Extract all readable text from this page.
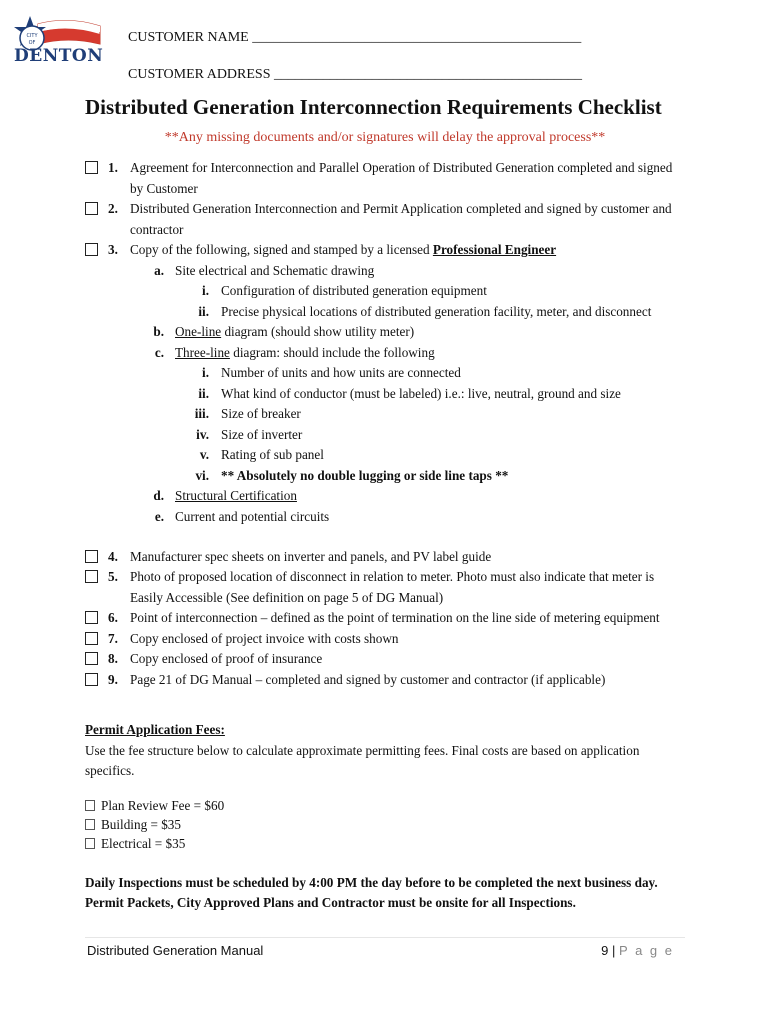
CITY
OF
DENTON
CUSTOMER NAME _______________________________________________
CUSTOMER ADDRESS ____________________________________________
Distributed Generation Interconnection Requirements Checklist
**Any missing documents and/or signatures will delay the approval process**
1. Agreement for Interconnection and Parallel Operation of Distributed Generation completed and signed by Customer
2. Distributed Generation Interconnection and Permit Application completed and signed by customer and contractor
3. Copy of the following, signed and stamped by a licensed Professional Engineer
a. Site electrical and Schematic drawing
i. Configuration of distributed generation equipment
ii. Precise physical locations of distributed generation facility, meter, and disconnect
b. One-line diagram (should show utility meter)
c. Three-line diagram: should include the following
i. Number of units and how units are connected
ii. What kind of conductor (must be labeled) i.e.: live, neutral, ground and size
iii. Size of breaker
iv. Size of inverter
v. Rating of sub panel
vi. ** Absolutely no double lugging or side line taps **
d. Structural Certification
e. Current and potential circuits
4. Manufacturer spec sheets on inverter and panels, and PV label guide
5. Photo of proposed location of disconnect in relation to meter. Photo must also indicate that meter is Easily Accessible (See definition on page 5 of DG Manual)
6. Point of interconnection – defined as the point of termination on the line side of metering equipment
7. Copy enclosed of project invoice with costs shown
8. Copy enclosed of proof of insurance
9. Page 21 of DG Manual – completed and signed by customer and contractor (if applicable)
Permit Application Fees:
Use the fee structure below to calculate approximate permitting fees. Final costs are based on application specifics.
Plan Review Fee = $60
Building = $35
Electrical = $35
Daily Inspections must be scheduled by 4:00 PM the day before to be completed the next business day. Permit Packets, City Approved Plans and Contractor must be onsite for all Inspections.
Distributed Generation Manual	9 | P a g e
